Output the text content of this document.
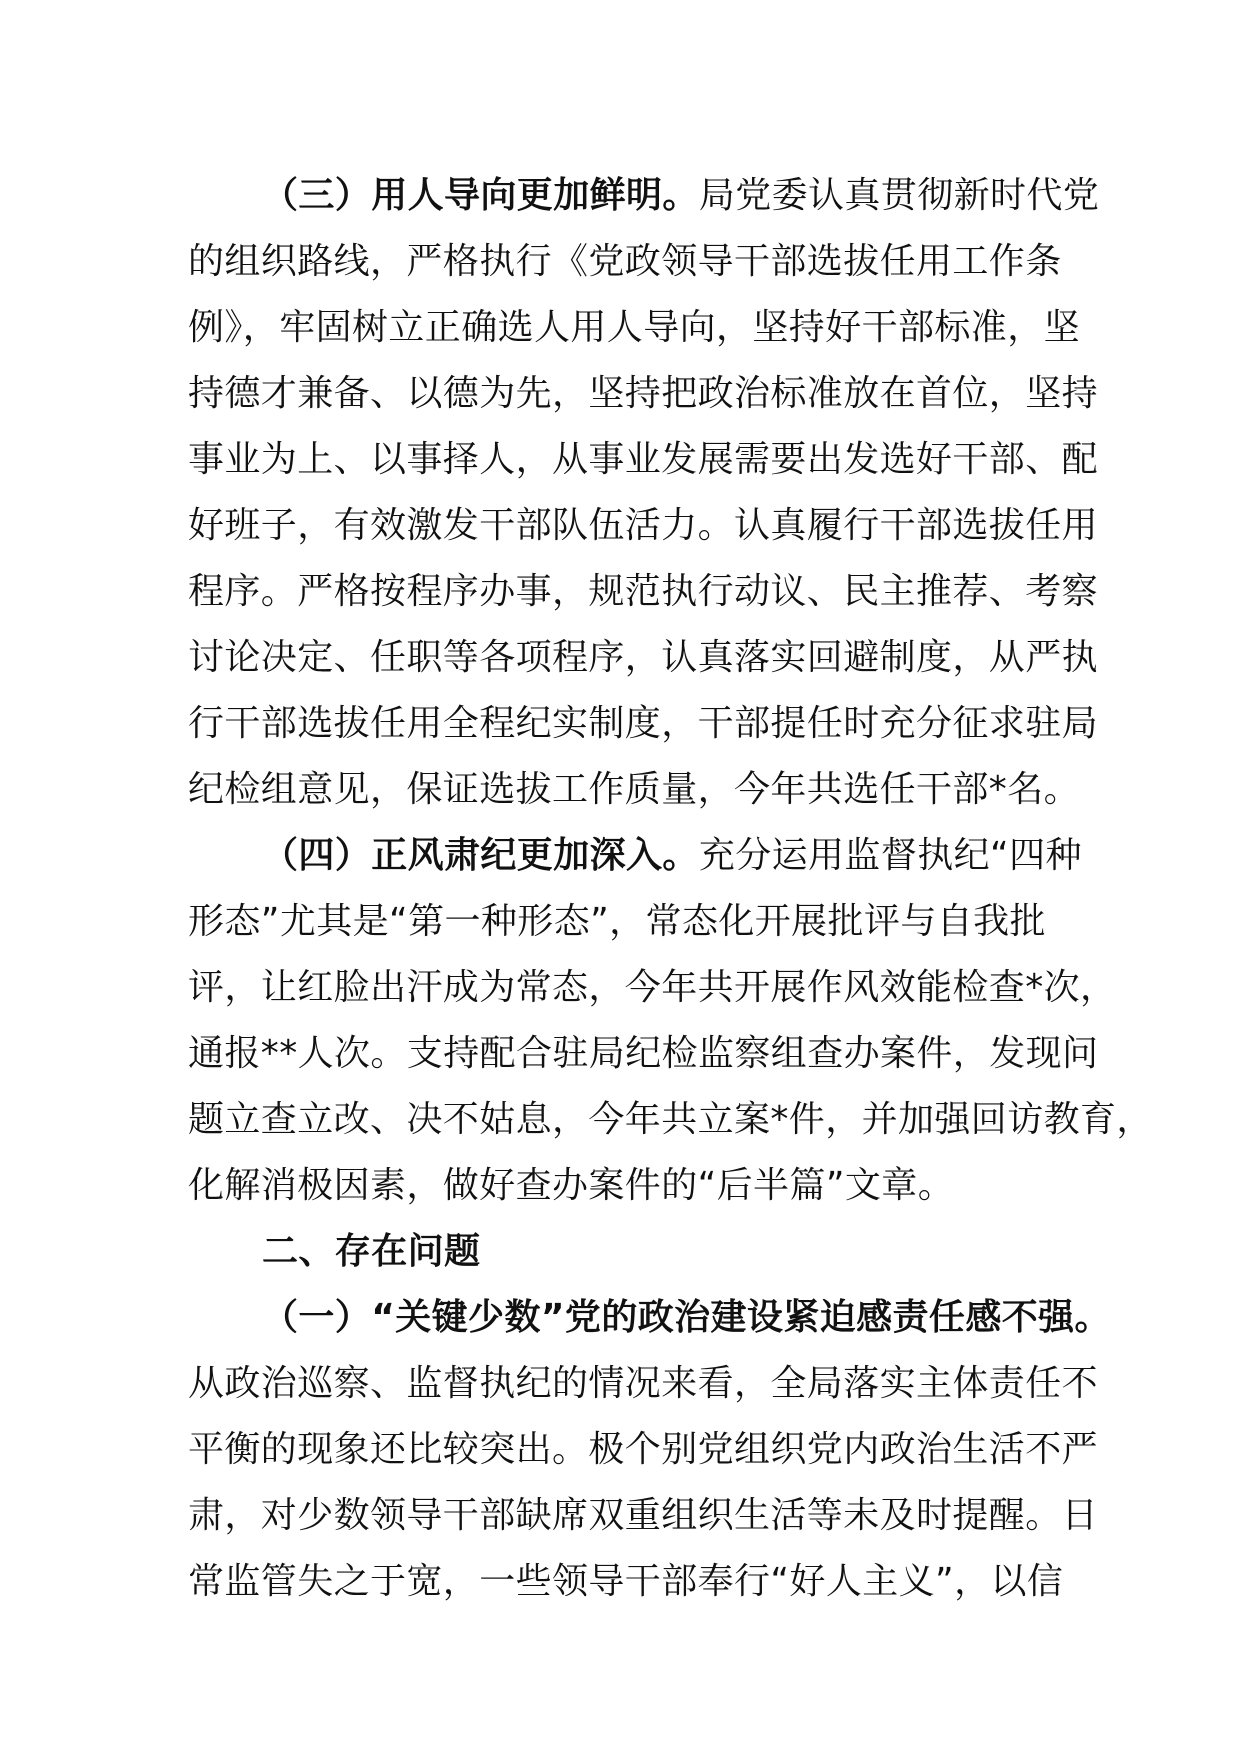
（三）用人导向更加鲜明。局党委认真贯彻新时代党
的组织路线，严格执行《党政领导干部选拔任用工作条
例》，牢固树立正确选人用人导向，坚持好干部标准，坚
持德才兼备、以德为先，坚持把政治标准放在首位，坚持
事业为上、以事择人，从事业发展需要出发选好干部、配
好班子，有效激发干部队伍活力。认真履行干部选拔任用
程序。严格按程序办事，规范执行动议、民主推荐、考察
讨论决定、任职等各项程序，认真落实回避制度，从严执
行干部选拔任用全程纪实制度，干部提任时充分征求驻局
纪检组意见，保证选拔工作质量，今年共选任干部*名。
（四）正风肃纪更加深入。充分运用监督执纪“四种
形态”尤其是“第一种形态”，常态化开展批评与自我批
评，让红脸出汗成为常态，今年共开展作风效能检查*次，
通报**人次。支持配合驻局纪检监察组查办案件，发现问
题立查立改、决不姑息，今年共立案*件，并加强回访教育，
化解消极因素，做好查办案件的“后半篇”文章。
二、存在问题
（一）“关键少数”党的政治建设紧迫感责任感不强。
从政治巡察、监督执纪的情况来看，全局落实主体责任不
平衡的现象还比较突出。极个别党组织党内政治生活不严
肃，对少数领导干部缺席双重组织生活等未及时提醒。日
常监管失之于宽，一些领导干部奉行“好人主义”，以信
